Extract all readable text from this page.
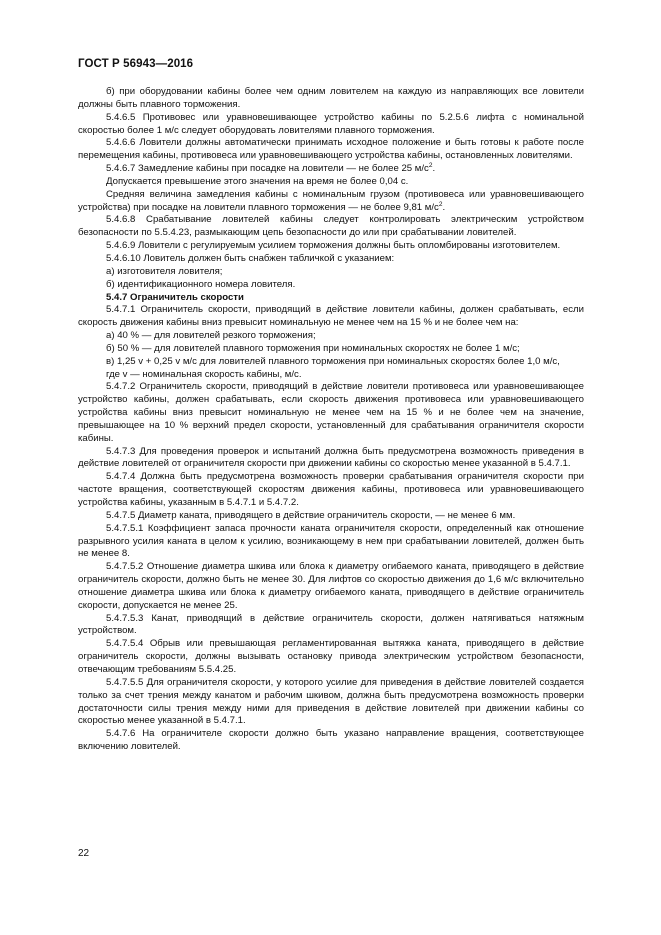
ГОСТ Р 56943—2016

б) при оборудовании кабины более чем одним ловителем на каждую из направляющих все ловители должны быть плавного торможения.

5.4.6.5 Противовес или уравновешивающее устройство кабины по 5.2.5.6 лифта с номинальной скоростью более 1 м/с следует оборудовать ловителями плавного торможения.

5.4.6.6 Ловители должны автоматически принимать исходное положение и быть готовы к работе после перемещения кабины, противовеса или уравновешивающего устройства кабины, остановленных ловителями.

5.4.6.7 Замедление кабины при посадке на ловители — не более 25 $м/с^2$.

Допускается превышение этого значения на время не более 0,04 с.

Средняя величина замедления кабины с номинальным грузом (противовеса или уравновешивающего устройства) при посадке на ловители плавного торможения — не более 9,81 $м/с^2$.

5.4.6.8 Срабатывание ловителей кабины следует контролировать электрическим устройством безопасности по 5.5.4.23, размыкающим цепь безопасности до или при срабатывании ловителей.

5.4.6.9 Ловители с регулируемым усилием торможения должны быть опломбированы изготовителем.

5.4.6.10 Ловитель должен быть снабжен табличкой с указанием:

а) изготовителя ловителя;

б) идентификационного номера ловителя.

5.4.7 Ограничитель скорости

5.4.7.1 Ограничитель скорости, приводящий в действие ловители кабины, должен срабатывать, если скорость движения кабины вниз превысит номинальную не менее чем на 15 % и не более чем на:

а) 40 % — для ловителей резкого торможения;

б) 50 % — для ловителей плавного торможения при номинальных скоростях не более 1 м/с;

в) 1,25 v + 0,25 v м/с для ловителей плавного торможения при номинальных скоростях более 1,0 м/с,

где v — номинальная скорость кабины, м/с.

5.4.7.2 Ограничитель скорости, приводящий в действие ловители противовеса или уравновешивающее устройство кабины, должен срабатывать, если скорость движения противовеса или уравновешивающего устройства кабины вниз превысит номинальную не менее чем на 15 % и не более чем на значение, превышающее на 10 % верхний предел скорости, установленный для срабатывания ограничителя скорости кабины.

5.4.7.3 Для проведения проверок и испытаний должна быть предусмотрена возможность приведения в действие ловителей от ограничителя скорости при движении кабины со скоростью менее указанной в 5.4.7.1.

5.4.7.4 Должна быть предусмотрена возможность проверки срабатывания ограничителя скорости при частоте вращения, соответствующей скоростям движения кабины, противовеса или уравновешивающего устройства кабины, указанным в 5.4.7.1 и 5.4.7.2.

5.4.7.5 Диаметр каната, приводящего в действие ограничитель скорости, — не менее 6 мм.

5.4.7.5.1 Коэффициент запаса прочности каната ограничителя скорости, определенный как отношение разрывного усилия каната в целом к усилию, возникающему в нем при срабатывании ловителей, должен быть не менее 8.

5.4.7.5.2 Отношение диаметра шкива или блока к диаметру огибаемого каната, приводящего в действие ограничитель скорости, должно быть не менее 30. Для лифтов со скоростью движения до 1,6 м/с включительно отношение диаметра шкива или блока к диаметру огибаемого каната, приводящего в действие ограничитель скорости, допускается не менее 25.

5.4.7.5.3 Канат, приводящий в действие ограничитель скорости, должен натягиваться натяжным устройством.

5.4.7.5.4 Обрыв или превышающая регламентированная вытяжка каната, приводящего в действие ограничитель скорости, должны вызывать остановку привода электрическим устройством безопасности, отвечающим требованиям 5.5.4.25.

5.4.7.5.5 Для ограничителя скорости, у которого усилие для приведения в действие ловителей создается только за счет трения между канатом и рабочим шкивом, должна быть предусмотрена возможность проверки достаточности силы трения между ними для приведения в действие ловителей при движении кабины со скоростью менее указанной в 5.4.7.1.

5.4.7.6 На ограничителе скорости должно быть указано направление вращения, соответствующее включению ловителей.

22
